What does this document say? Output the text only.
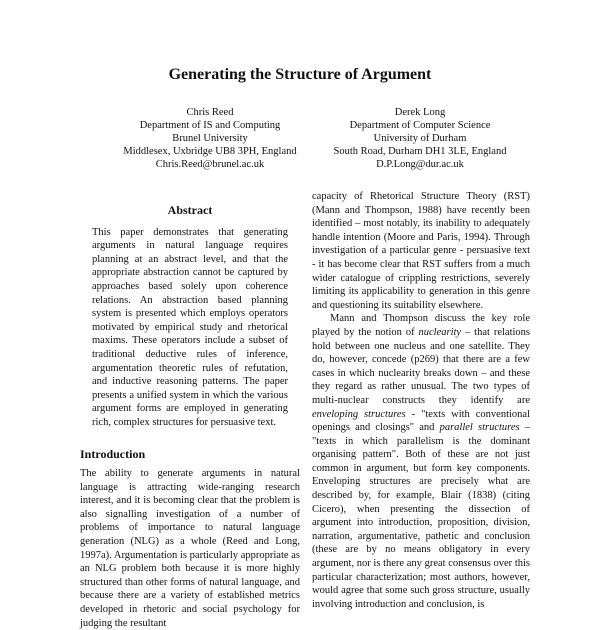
Generating the Structure of Argument
Chris Reed
Department of IS and Computing
Brunel University
Middlesex, Uxbridge UB8 3PH, England
Chris.Reed@brunel.ac.uk
Derek Long
Department of Computer Science
University of Durham
South Road, Durham DH1 3LE, England
D.P.Long@dur.ac.uk
Abstract

This paper demonstrates that generating arguments in natural language requires planning at an abstract level, and that the appropriate abstraction cannot be captured by approaches based solely upon coherence relations. An abstraction based planning system is presented which employs operators motivated by empirical study and rhetorical maxims. These operators include a subset of traditional deductive rules of inference, argumentation theoretic rules of refutation, and inductive reasoning patterns. The paper presents a unified system in which the various argument forms are employed in generating rich, complex structures for persuasive text.

Introduction

The ability to generate arguments in natural language is attracting wide-ranging research interest, and it is becoming clear that the problem is also signalling investigation of a number of problems of importance to natural language generation (NLG) as a whole (Reed and Long, 1997a). Argumentation is particularly appropriate as an NLG problem both because it is more highly structured than other forms of natural language, and because there are a variety of established metrics developed in rhetoric and social psychology for judging the resultant

capacity of Rhetorical Structure Theory (RST) (Mann and Thompson, 1988) have recently been identified – most notably, its inability to adequately handle intention (Moore and Paris, 1994). Through investigation of a particular genre - persuasive text - it has become clear that RST suffers from a much wider catalogue of crippling restrictions, severely limiting its applicability to generation in this genre and questioning its suitability elsewhere.

Mann and Thompson discuss the key role played by the notion of nuclearity – that relations hold between one nucleus and one satellite. They do, however, concede (p269) that there are a few cases in which nuclearity breaks down – and these they regard as rather unusual. The two types of multi-nuclear constructs they identify are enveloping structures - "texts with conventional openings and closings" and parallel structures – "texts in which parallelism is the dominant organising pattern". Both of these are not just common in argument, but form key components. Enveloping structures are precisely what are described by, for example, Blair (1838) (citing Cicero), when presenting the dissection of argument into introduction, proposition, division, narration, argumentative, pathetic and conclusion (these are by no means obligatory in every argument, nor is there any great consensus over this particular characterization; most authors, however, would agree that some such gross structure, usually involving introduction and conclusion, is
